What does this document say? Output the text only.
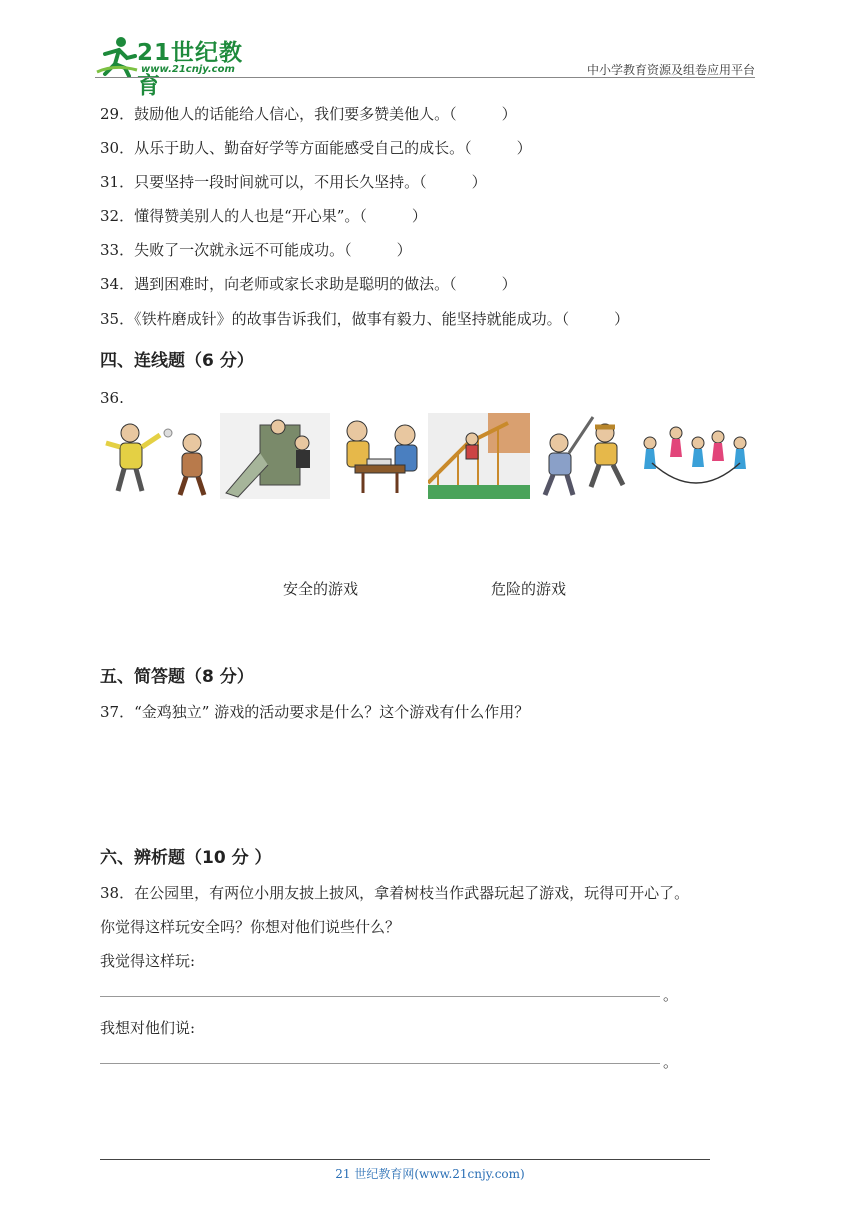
21世纪教育
www.21cnjy.com	中小学教育资源及组卷应用平台
29．鼓励他人的话能给人信心，我们要多赞美他人。（　　　）
30．从乐于助人、勤奋好学等方面能感受自己的成长。（　　　）
31．只要坚持一段时间就可以，不用长久坚持。（　　　）
32．懂得赞美别人的人也是“开心果”。（　　　）
33．失败了一次就永远不可能成功。（　　　）
34．遇到困难时，向老师或家长求助是聪明的做法。（　　　）
35．《铁杵磨成针》的故事告诉我们，做事有毅力、能坚持就能成功。（　　　）
四、连线题（6 分）
36.
安全的游戏	危险的游戏
五、简答题（8 分）
37．“金鸡独立” 游戏的活动要求是什么？这个游戏有什么作用？
六、辨析题（10 分 ）
38．在公园里，有两位小朋友披上披风，拿着树枝当作武器玩起了游戏，玩得可开心了。
你觉得这样玩安全吗？你想对他们说些什么？
我觉得这样玩:
。
我想对他们说:
。
21 世纪教育网(www.21cnjy.com)
